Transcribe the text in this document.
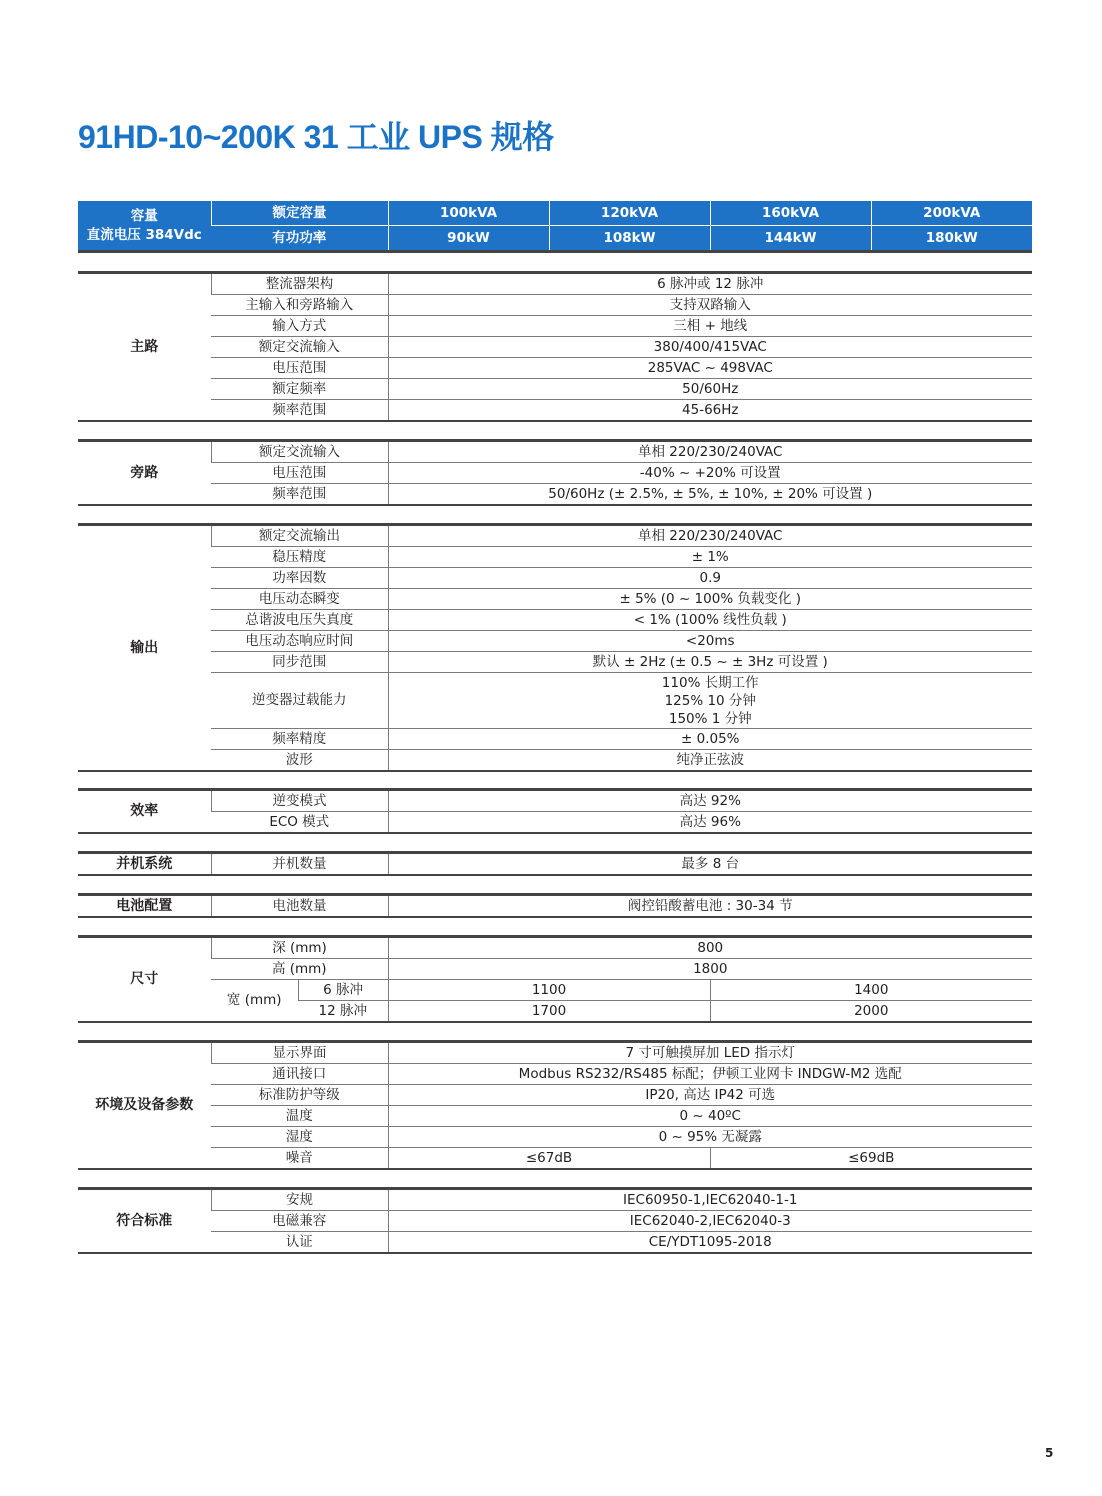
91HD-10~200K 31 工业 UPS 规格
容量
直流电压 384Vdc	额定容量	100kVA	120kVA	160kVA	200kVA
	有功功率	90kW	108kW	144kW	180kW
主路	整流器架构	6 脉冲或 12 脉冲
	主输入和旁路输入	支持双路输入
	输入方式	三相 + 地线
	额定交流输入	380/400/415VAC
	电压范围	285VAC ~ 498VAC
	额定频率	50/60Hz
	频率范围	45-66Hz
旁路	额定交流输入	单相 220/230/240VAC
	电压范围	-40% ~ +20% 可设置
	频率范围	50/60Hz (± 2.5%, ± 5%, ± 10%, ± 20% 可设置 )
输出	额定交流输出	单相 220/230/240VAC
	稳压精度	± 1%
	功率因数	0.9
	电压动态瞬变	± 5% (0 ~ 100% 负载变化 )
	总谐波电压失真度	< 1% (100% 线性负载 )
	电压动态响应时间	<20ms
	同步范围	默认 ± 2Hz (± 0.5 ~ ± 3Hz 可设置 )
	逆变器过载能力	110% 长期工作
125% 10 分钟
150% 1 分钟

	频率精度	± 0.05%
	波形	纯净正弦波
效率	逆变模式	高达 92%
	ECO 模式	高达 96%
并机系统	并机数量	最多 8 台
电池配置	电池数量	阀控铅酸蓄电池 : 30-34 节
尺寸	深 (mm)		800	
	高 (mm)		1800	
	宽 (mm)	6 脉冲	1100	1400
		12 脉冲	1700	2000
环境及设备参数	显示界面	7 寸可触摸屏加 LED 指示灯	
	通讯接口	Modbus RS232/RS485 标配；伊顿工业网卡 INDGW-M2 选配	
	标准防护等级	IP20, 高达 IP42 可选	
	温度	0 ~ 40ºC	
	湿度	0 ~ 95% 无凝露	
	噪音	≤67dB	≤69dB
符合标准	安规	IEC60950-1,IEC62040-1-1
	电磁兼容	IEC62040-2,IEC62040-3
	认证	CE/YDT1095-2018

5
